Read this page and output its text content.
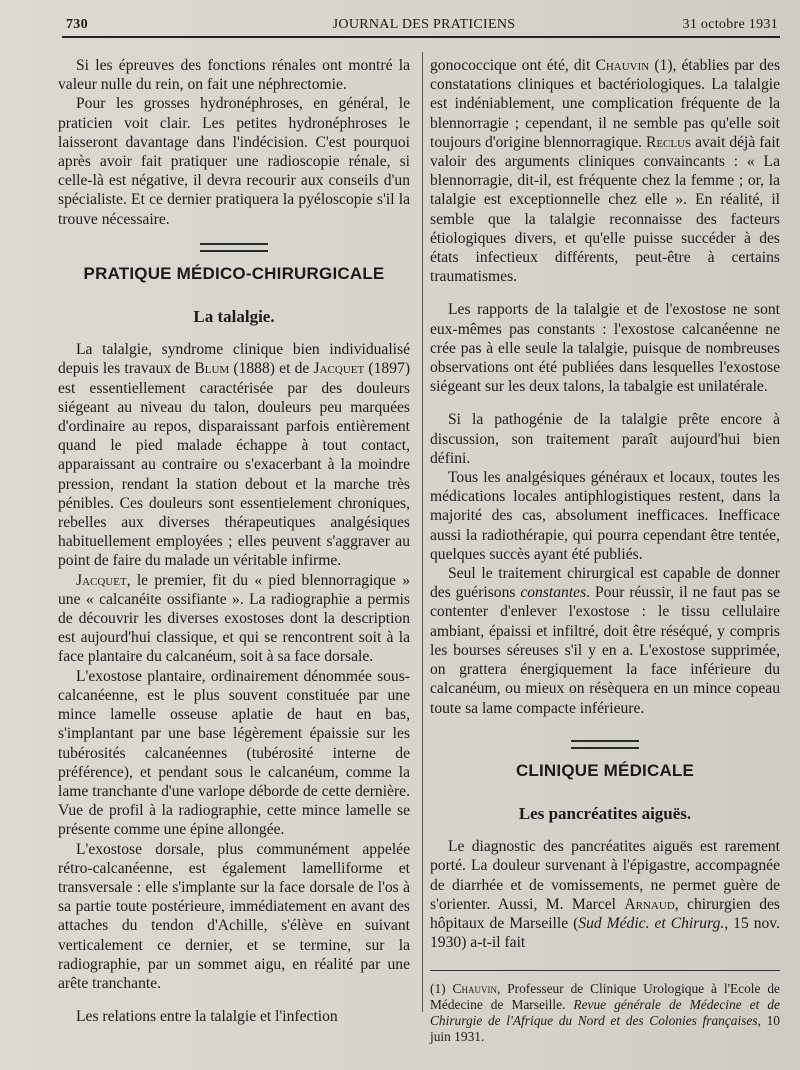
730	JOURNAL DES PRATICIENS	31 octobre 1931

Si les épreuves des fonctions rénales ont montré la valeur nulle du rein, on fait une néphrectomie.

Pour les grosses hydronéphroses, en général, le praticien voit clair. Les petites hydronéphroses le laisseront davantage dans l'indécision. C'est pourquoi après avoir fait pratiquer une radioscopie rénale, si celle-là est négative, il devra recourir aux conseils d'un spécialiste. Et ce dernier pratiquera la pyéloscopie s'il la trouve nécessaire.

PRATIQUE MÉDICO-CHIRURGICALE
La talalgie.

La talalgie, syndrome clinique bien individualisé depuis les travaux de Blum (1888) et de Jacquet (1897) est essentiellement caractérisée par des douleurs siégeant au niveau du talon, douleurs peu marquées d'ordinaire au repos, disparaissant parfois entièrement quand le pied malade échappe à tout contact, apparaissant au contraire ou s'exacerbant à la moindre pression, rendant la station debout et la marche très pénibles. Ces douleurs sont essentielement chroniques, rebelles aux diverses thérapeutiques analgésiques habituellement employées ; elles peuvent s'aggraver au point de faire du malade un véritable infirme.

Jacquet, le premier, fit du « pied blennorragique » une « calcanéite ossifiante ». La radiographie a permis de découvrir les diverses exostoses dont la description est aujourd'hui classique, et qui se rencontrent soit à la face plantaire du calcanéum, soit à sa face dorsale.

L'exostose plantaire, ordinairement dénommée sous-calcanéenne, est le plus souvent constituée par une mince lamelle osseuse aplatie de haut en bas, s'implantant par une base légèrement épaissie sur les tubérosités calcanéennes (tubérosité interne de préférence), et pendant sous le calcanéum, comme la lame tranchante d'une varlope déborde de cette dernière. Vue de profil à la radiographie, cette mince lamelle se présente comme une épine allongée.

L'exostose dorsale, plus communément appelée rétro-calcanéenne, est également lamelliforme et transversale : elle s'implante sur la face dorsale de l'os à sa partie toute postérieure, immédiatement en avant des attaches du tendon d'Achille, s'élève en suivant verticalement ce dernier, et se termine, sur la radiographie, par un sommet aigu, en réalité par une arête tranchante.

Les relations entre la talalgie et l'infection

gonococcique ont été, dit Chauvin (1), établies par des constatations cliniques et bactériologiques. La talalgie est indéniablement, une complication fréquente de la blennorragie ; cependant, il ne semble pas qu'elle soit toujours d'origine blennorragique. Reclus avait déjà fait valoir des arguments cliniques convaincants : « La blennorragie, dit-il, est fréquente chez la femme ; or, la talalgie est exceptionnelle chez elle ». En réalité, il semble que la talalgie reconnaisse des facteurs étiologiques divers, et qu'elle puisse succéder à des états infectieux différents, peut-être à certains traumatismes.

Les rapports de la talalgie et de l'exostose ne sont eux-mêmes pas constants : l'exostose calcanéenne ne crée pas à elle seule la talalgie, puisque de nombreuses observations ont été publiées dans lesquelles l'exostose siégeant sur les deux talons, la tabalgie est unilatérale.

Si la pathogénie de la talalgie prête encore à discussion, son traitement paraît aujourd'hui bien défini.

Tous les analgésiques généraux et locaux, toutes les médications locales antiphlogistiques restent, dans la majorité des cas, absolument inefficaces. Inefficace aussi la radiothérapie, qui pourra cependant être tentée, quelques succès ayant été publiés.

Seul le traitement chirurgical est capable de donner des guérisons constantes. Pour réussir, il ne faut pas se contenter d'enlever l'exostose : le tissu cellulaire ambiant, épaissi et infiltré, doit être réséqué, y compris les bourses séreuses s'il y en a. L'exostose supprimée, on grattera énergiquement la face inférieure du calcanéum, ou mieux on résèquera en un mince copeau toute sa lame compacte inférieure.

CLINIQUE MÉDICALE
Les pancréatites aiguës.

Le diagnostic des pancréatites aiguës est rarement porté. La douleur survenant à l'épigastre, accompagnée de diarrhée et de vomissements, ne permet guère de s'orienter. Aussi, M. Marcel Arnaud, chirurgien des hôpitaux de Marseille (Sud Médic. et Chirurg., 15 nov. 1930) a-t-il fait

(1) Chauvin, Professeur de Clinique Urologique à l'Ecole de Médecine de Marseille. Revue générale de Médecine et de Chirurgie de l'Afrique du Nord et des Colonies françaises, 10 juin 1931.
